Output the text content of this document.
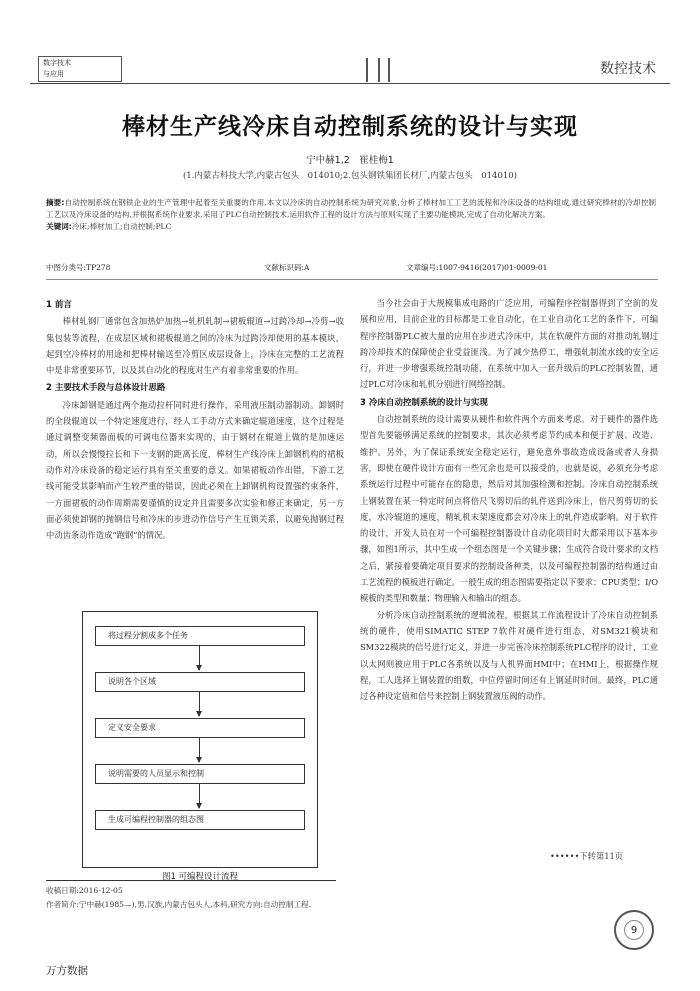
数字技术
与应用	数控技术
棒材生产线冷床自动控制系统的设计与实现
宁中赫1,2　崔桂梅1
(1.内蒙古科技大学,内蒙古包头　014010;2.包头钢铁集团长材厂,内蒙古包头　014010)
摘要:自动控制系统在钢铁企业的生产管理中起着至关重要的作用,本文以冷床的自动控制系统为研究对象,分析了棒材加工工艺的流程和冷床设备的结构组成,通过研究棒材的冷却控制工艺以及冷床设备的结构,并根据系统作业要求,采用了PLC自动控制技术,运用软件工程的设计方法与原则实现了主要功能模块,完成了自动化解决方案。
关键词:冷床;棒材加工;自动控制;PLC
中图分类号:TP278	文献标识码:A	文章编号:1007-9416(2017)01-0009-01
1 前言

棒材轧钢厂通常包含加热炉加热→轧机轧制→裙板辊道→过跨冷却→冷剪→收集包装等流程，在成层区域和裙板辊道之间的冷床为过跨冷却使用的基本模块，起到空冷棒材的用途和把棒材输送至冷剪区成层设备上，冷床在完整的工艺流程中是非常重要环节，以及其自动化的程度对生产有着非常重要的作用。

2 主要技术手段与总体设计思路

冷床卸钢是通过两个拖动拉杆同时进行操作，采用液压制动器制动。卸钢时的全段辊道以一个特定速度进行，经人工手动方式来确定辊道速度，这个过程是通过调整变频器面板的可调电位器来实现的，由于钢材在辊道上做的是加速运动，所以会慢慢拉长和下一支钢的距离长度，棒材生产线冷床上卸钢机构的裙板动作对冷床设备的稳定运行具有至关重要的意义。如果裙板动作出错，下游工艺线可能受其影响而产生较严重的错误，因此必须在上卸钢机构设置强约束条件，一方面裙板的动作周期需要谨慎的设定并且需要多次实验和修正来确定，另一方面必须使卸钢的抛钢信号和冷床的步进动作信号产生互锁关系，以避免抛钢过程中动齿条动作造成“跑钢”的情况。

将过程分割成多个任务
说明各个区域
定义安全要求
说明需要的人员显示和控制
生成可编程控制器的组态图
图1 可编程设计流程
收稿日期:2016-12-05
作者简介:宁中赫(1985—),男,汉族,内蒙古包头人,本科,研究方向:自动控制工程.

当今社会由于大规模集成电路的广泛应用，可编程序控制器得到了空前的发展和应用，目前企业的目标都是工业自动化，在工业自动化工艺的条件下，可编程序控制器PLC被大量的应用在步进式冷床中，其在软硬件方面的对推动轧钢过跨冷却技术的保障使企业受益匪浅。为了减少热停工，增强轧制流水线的安全运行，并进一步增强系统控制功能，在系统中加入一套升级后的PLC控制装置，通过PLC对冷床和轧机分别进行网络控制。

3 冷床自动控制系统的设计与实现

自动控制系统的设计需要从硬件和软件两个方面来考虑。对于硬件的器件选型首先要能够满足系统的控制要求，其次必须考虑节约成本和便于扩展、改造、维护。另外，为了保证系统安全稳定运行，避免意外事故造成设备或者人身损害，即使在硬件设计方面有一些冗余也是可以接受的，也就是说，必须充分考虑系统运行过程中可能存在的隐患，然后对其加强检测和控制。冷床自动控制系统上钢装置在某一特定时间点将倍尺飞剪切后的轧件送到冷床上，倍尺剪剪切的长度，水冷辊道的速度，精轧机末架速度都会对冷床上的轧件造成影响。对于软件的设计，开发人员在对一个可编程控制器设计自动化项目时大都采用以下基本步骤，如图1所示，其中生成一个组态图是一个关键步骤；生成符合设计要求的文档之后，紧接着要确定项目要求的控制设备种类，以及可编程控制器的结构通过由工艺流程的模板进行确定。一般生成的组态图需要指定以下要求：CPU类型；I/O模板的类型和数量；物理输入和输出的组态。

分析冷床自动控制系统的逻辑流程，根据其工作流程设计了冷床自动控制系统的硬件，使用SIMATIC STEP 7软件对硬件进行组态，对SM321模块和SM322模块的信号进行定义，并进一步完善冷床控制系统PLC程序的设计，工业以太网则被应用于PLC各系统以及与人机界面HMI中；在HMI上，根据操作规程，工人选择上钢装置的组数，中位停留时间还有上钢延时时间。最终，PLC通过各种设定值和信号来控制上钢装置液压阀的动作。

••••••下转第11页
9
万方数据
